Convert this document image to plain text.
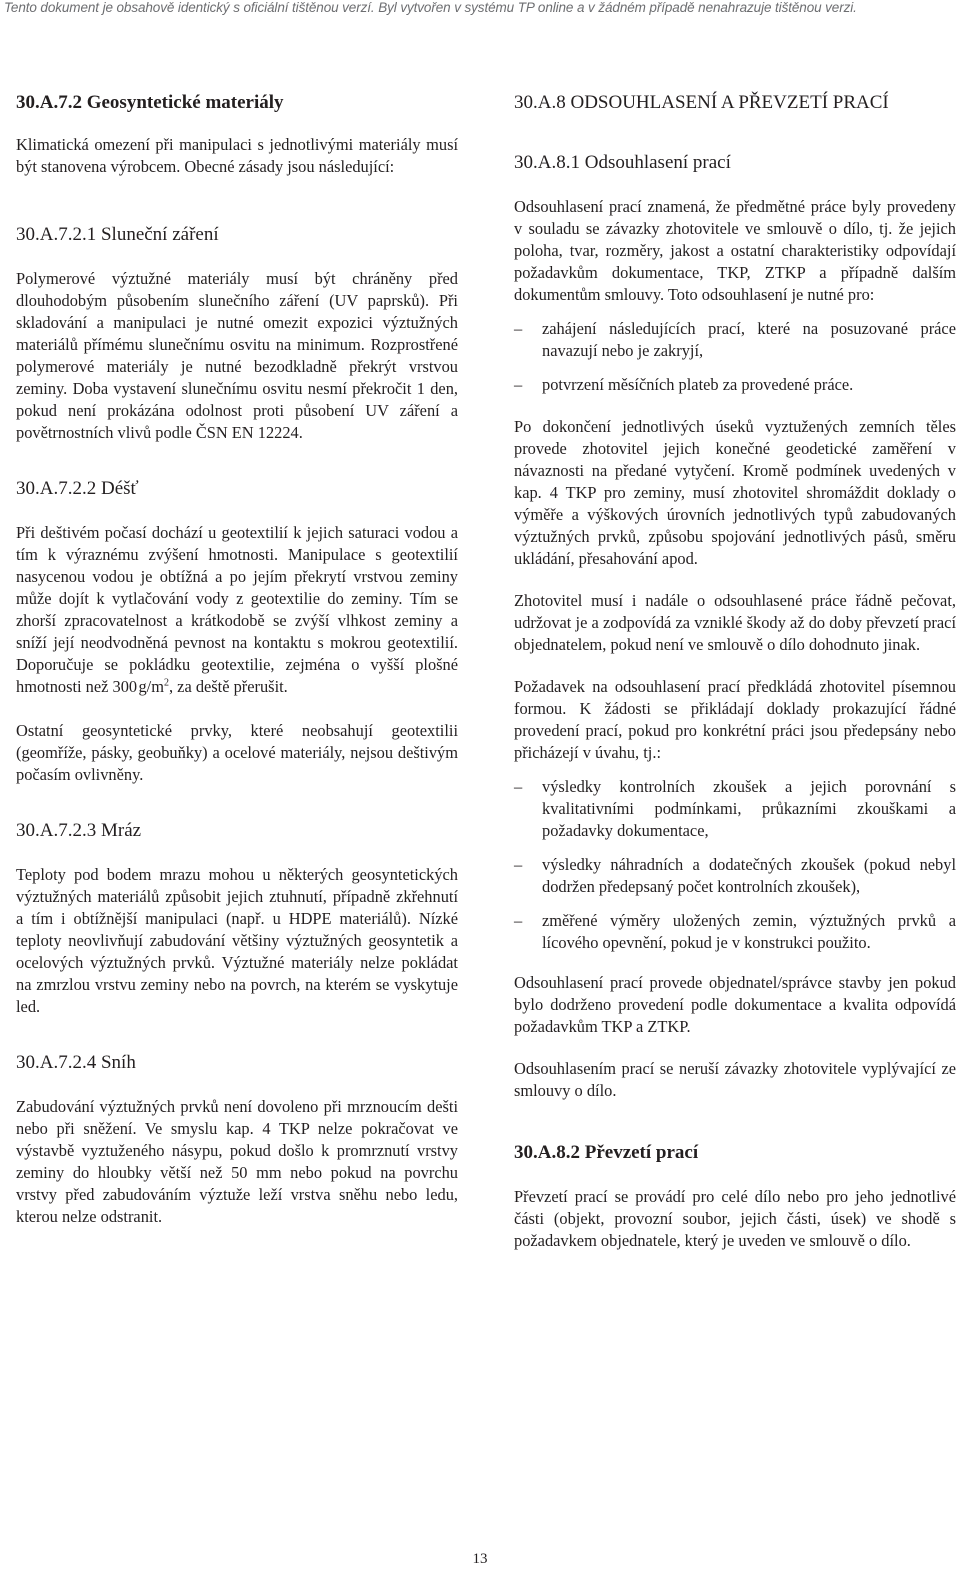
Tento dokument je obsahově identický s oficiální tištěnou verzí. Byl vytvořen v systému TP online a v žádném případě nenahrazuje tištěnou verzi.
30.A.7.2 Geosyntetické materiály

Klimatická omezení při manipulaci s jednotlivými materiály musí být stanovena výrobcem. Obecné zásady jsou následující:

30.A.7.2.1 Sluneční záření

Polymerové výztužné materiály musí být chráněny před dlouhodobým působením slunečního záření (UV paprsků). Při skladování a manipulaci je nutné omezit expozici výztužných materiálů přímému slunečnímu osvitu na minimum. Rozprostřené polymerové materiály je nutné bezodkladně překrýt vrstvou zeminy. Doba vystavení slunečnímu osvitu nesmí překročit 1 den, pokud není prokázána odolnost proti působení UV záření a povětrnostních vlivů podle ČSN EN 12224.

30.A.7.2.2 Déšť

Při deštivém počasí dochází u geotextilií k jejich saturaci vodou a tím k výraznému zvýšení hmotnosti. Manipulace s geotextilií nasycenou vodou je obtížná a po jejím překrytí vrstvou zeminy může dojít k vytlačování vody z geotextilie do zeminy. Tím se zhorší zpracovatelnost a krátkodobě se zvýší vlhkost zeminy a sníží její neodvodněná pevnost na kontaktu s mokrou geotextilií. Doporučuje se pokládku geotextilie, zejména o vyšší plošné hmotnosti než 300 $g/m^2$, za deště přerušit.

Ostatní geosyntetické prvky, které neobsahují geotextilii (geomříže, pásky, geobuňky) a ocelové materiály, nejsou deštivým počasím ovlivněny.

30.A.7.2.3 Mráz

Teploty pod bodem mrazu mohou u některých geosyntetických výztužných materiálů způsobit jejich ztuhnutí, případně zkřehnutí a tím i obtížnější manipulaci (např. u HDPE materiálů). Nízké teploty neovlivňují zabudování většiny výztužných geosyntetik a ocelových výztužných prvků. Výztužné materiály nelze pokládat na zmrzlou vrstvu zeminy nebo na povrch, na kterém se vyskytuje led.

30.A.7.2.4 Sníh

Zabudování výztužných prvků není dovoleno při mrznoucím dešti nebo při sněžení. Ve smyslu kap. 4 TKP nelze pokračovat ve výstavbě vyztuženého násypu, pokud došlo k promrznutí vrstvy zeminy do hloubky větší než 50 mm nebo pokud na povrchu vrstvy před zabudováním výztuže leží vrstva sněhu nebo ledu, kterou nelze odstranit.

30.A.8 ODSOUHLASENÍ A PŘEVZETÍ PRACÍ
30.A.8.1 Odsouhlasení prací

Odsouhlasení prací znamená, že předmětné práce byly provedeny v souladu se závazky zhotovitele ve smlouvě o dílo, tj. že jejich poloha, tvar, rozměry, jakost a ostatní charakteristiky odpovídají požadavkům dokumentace, TKP, ZTKP a případně dalším dokumentům smlouvy. Toto odsouhlasení je nutné pro:

– zahájení následujících prací, které na posuzované práce navazují nebo je zakryjí,
– potvrzení měsíčních plateb za provedené práce.

Po dokončení jednotlivých úseků vyztužených zemních těles provede zhotovitel jejich konečné geodetické zaměření v návaznosti na předané vytyčení. Kromě podmínek uvedených v kap. 4 TKP pro zeminy, musí zhotovitel shromáždit doklady o výměře a výškových úrovních jednotlivých typů zabudovaných výztužných prvků, způsobu spojování jednotlivých pásů, směru ukládání, přesahování apod.

Zhotovitel musí i nadále o odsouhlasené práce řádně pečovat, udržovat je a zodpovídá za vzniklé škody až do doby převzetí prací objednatelem, pokud není ve smlouvě o dílo dohodnuto jinak.

Požadavek na odsouhlasení prací předkládá zhotovitel písemnou formou. K žádosti se přikládají doklady prokazující řádné provedení prací, pokud pro konkrétní práci jsou předepsány nebo přicházejí v úvahu, tj.:

– výsledky kontrolních zkoušek a jejich porovnání s kvalitativními podmínkami, průkazními zkouškami a požadavky dokumentace,
– výsledky náhradních a dodatečných zkoušek (pokud nebyl dodržen předepsaný počet kontrolních zkoušek),
– změřené výměry uložených zemin, výztužných prvků a lícového opevnění, pokud je v konstrukci použito.

Odsouhlasení prací provede objednatel/správce stavby jen pokud bylo dodrženo provedení podle dokumentace a kvalita odpovídá požadavkům TKP a ZTKP.

Odsouhlasením prací se neruší závazky zhotovitele vyplývající ze smlouvy o dílo.

30.A.8.2 Převzetí prací

Převzetí prací se provádí pro celé dílo nebo pro jeho jednotlivé části (objekt, provozní soubor, jejich části, úsek) ve shodě s požadavkem objednatele, který je uveden ve smlouvě o dílo.

13
